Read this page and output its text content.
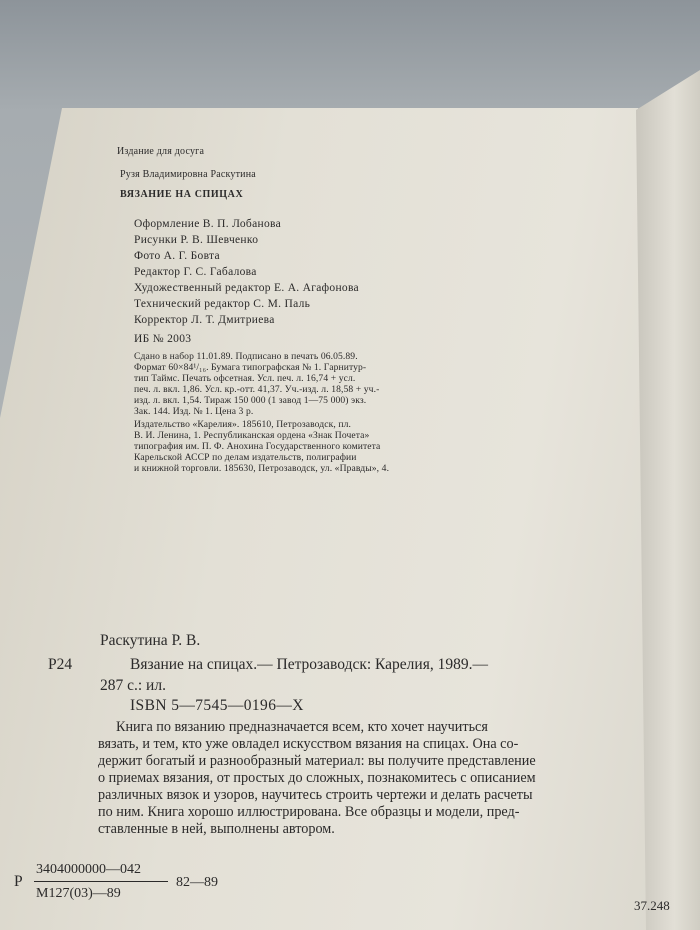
Издание для досуга
Рузя Владимировна Раскутина
ВЯЗАНИЕ НА СПИЦАХ
Оформление В. П. Лобанова
Рисунки Р. В. Шевченко
Фото А. Г. Бовта
Редактор Г. С. Габалова
Художественный редактор Е. А. Агафонова
Технический редактор С. М. Паль
Корректор Л. Т. Дмитриева
ИБ № 2003
Сдано в набор 11.01.89. Подписано в печать 06.05.89.
Формат 60×84¹/₁₆. Бумага типографская № 1. Гарнитур-
тип Таймс. Печать офсетная. Усл. печ. л. 16,74 + усл.
печ. л. вкл. 1,86. Усл. кр.-отт. 41,37. Уч.-изд. л. 18,58 + уч.-
изд. л. вкл. 1,54. Тираж 150 000 (1 завод 1—75 000) экз.
Зак. 144. Изд. № 1. Цена 3 р.
Издательство «Карелия». 185610, Петрозаводск, пл.
В. И. Ленина, 1. Республиканская ордена «Знак Почета»
типография им. П. Ф. Анохина Государственного комитета
Карельской АССР по делам издательств, полиграфии
и книжной торговли. 185630, Петрозаводск, ул. «Правды», 4.
Раскутина Р. В.
Р24	Вязание на спицах.— Петрозаводск: Карелия, 1989.—
287 с.: ил.
ISBN 5—7545—0196—X
Книга по вязанию предназначается всем, кто хочет научиться
вязать, и тем, кто уже овладел искусством вязания на спицах. Она со-
держит богатый и разнообразный материал: вы получите представление
о приемах вязания, от простых до сложных, познакомитесь с описанием
различных вязок и узоров, научитесь строить чертежи и делать расчеты
по ним. Книга хорошо иллюстрирована. Все образцы и модели, пред-
ставленные в ней, выполнены автором.
Р
3404000000—042
М127(03)—89
82—89
37.248
